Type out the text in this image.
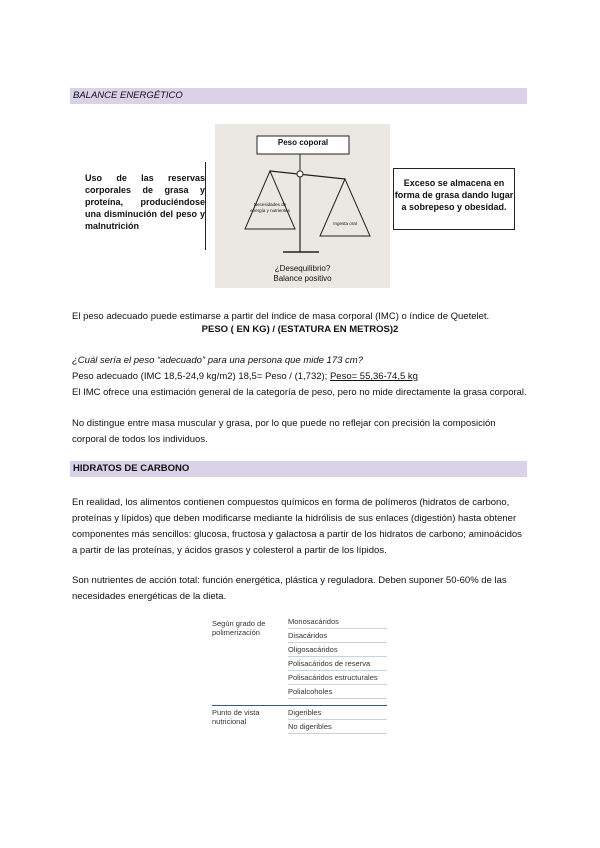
BALANCE ENERGÉTICO
Uso de las reservas corporales de grasa y proteína, produciéndose una disminución del peso y malnutrición
Peso coporal
Necesidades de energía y nutrientes
Ingesta oral
¿Desequilibrio?
Balance positivo
Exceso se almacena en forma de grasa dando lugar a sobrepeso y obesidad.
El peso adecuado puede estimarse a partir del índice de masa corporal (IMC) o índice de Quetelet.
PESO ( EN KG) / (ESTATURA EN METROS)2
¿Cuál sería el peso “adecuado” para una persona que mide 173 cm?
Peso adecuado (IMC 18,5-24,9 kg/m2) 18,5= Peso / (1,732); Peso= 55,36-74,5 kg
El IMC ofrece una estimación general de la categoría de peso, pero no mide directamente la grasa corporal.
No distingue entre masa muscular y grasa, por lo que puede no reflejar con precisión la composición corporal de todos los individuos.
HIDRATOS DE CARBONO
En realidad, los alimentos contienen compuestos químicos en forma de polímeros (hidratos de carbono, proteínas y lípidos) que deben modificarse mediante la hidrólisis de sus enlaces (digestión) hasta obtener componentes más sencillos: glucosa, fructosa y galactosa a partir de los hidratos de carbono; aminoácidos a partir de las proteínas, y ácidos grasos y colesterol a partir de los lípidos.
Son nutrientes de acción total: función energética, plástica y reguladora. Deben suponer 50-60% de las necesidades energéticas de la dieta.
Según grado de polimerización
Monosacáridos
Disacáridos
Oligosacáridos
Polisacáridos de reserva
Polisacáridos estructurales
Polialcoholes
Punto de vista nutricional
Digeribles
No digeribles
